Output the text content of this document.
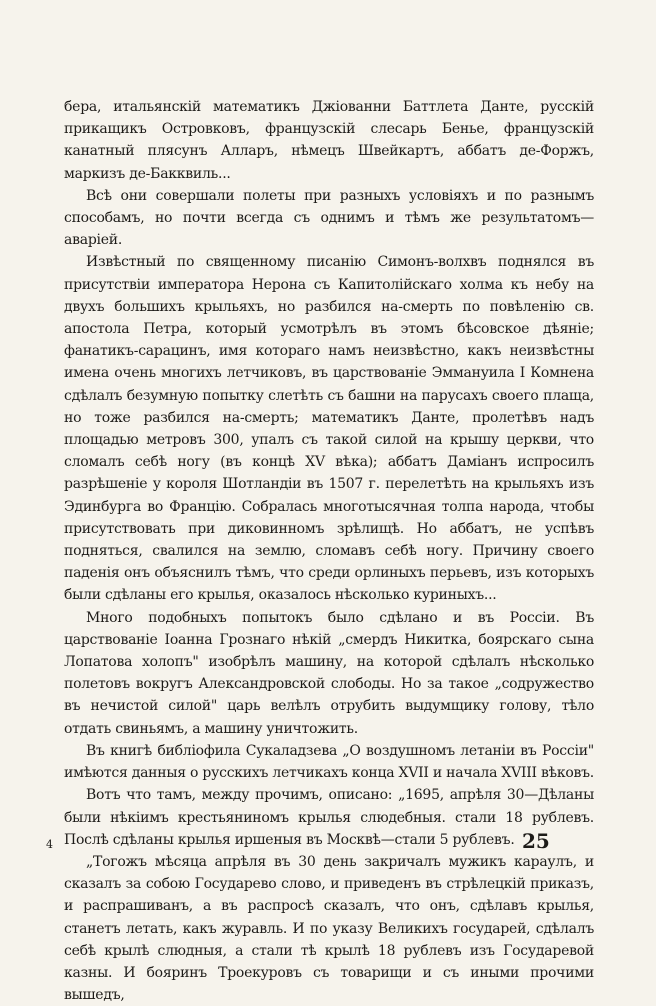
бера, итальянскій математикъ Джіованни Баттлета Данте, русскій прикащикъ Островковъ, французскій слесарь Бенье, французскій канатный плясунъ Алларъ, нѣмецъ Швейкартъ, аббатъ де-Форжъ, маркизъ де-Бакквиль...

Всѣ они совершали полеты при разныхъ условіяхъ и по разнымъ способамъ, но почти всегда съ однимъ и тѣмъ же результатомъ—аваріей.

Извѣстный по священному писанію Симонъ-волхвъ поднялся въ присутствіи императора Нерона съ Капитолійскаго холма къ небу на двухъ большихъ крыльяхъ, но разбился на-смерть по повѣленію св. апостола Петра, который усмотрѣлъ въ этомъ бѣсовское дѣяніе; фанатикъ-сарацинъ, имя котораго намъ неизвѣстно, какъ неизвѣстны имена очень многихъ летчиковъ, въ царствованіе Эммануила I Комнена сдѣлалъ безумную попытку слетѣть съ башни на парусахъ своего плаща, но тоже разбился на-смерть; математикъ Данте, пролетѣвъ надъ площадью метровъ 300, упалъ съ такой силой на крышу церкви, что сломалъ себѣ ногу (въ концѣ XV вѣка); аббатъ Даміанъ испросилъ разрѣшеніе у короля Шотландіи въ 1507 г. перелетѣть на крыльяхъ изъ Эдинбурга во Францію. Собралась многотысячная толпа народа, чтобы присутствовать при диковинномъ зрѣлищѣ. Но аббатъ, не успѣвъ подняться, свалился на землю, сломавъ себѣ ногу. Причину своего паденія онъ объяснилъ тѣмъ, что среди орлиныхъ перьевъ, изъ которыхъ были сдѣланы его крылья, оказалось нѣсколько куриныхъ...

Много подобныхъ попытокъ было сдѣлано и въ Россіи. Въ царствованіе Іоанна Грознаго нѣкій „смердъ Никитка, боярскаго сына Лопатова холопъ" изобрѣлъ машину, на которой сдѣлалъ нѣсколько полетовъ вокругъ Александровской слободы. Но за такое „содружество въ нечистой силой" царь велѣлъ отрубить выдумщику голову, тѣло отдать свиньямъ, а машину уничтожить.

Въ книгѣ библіофила Сукаладзева „О воздушномъ летаніи въ Россіи" имѣются данныя о русскихъ летчикахъ конца XVII и начала XVIII вѣковъ.

Вотъ что тамъ, между прочимъ, описано: „1695, апрѣля 30—Дѣланы были нѣкіимъ крестьяниномъ крылья слюдебныя. стали 18 рублевъ. Послѣ сдѣланы крылья иршеныя въ Москвѣ—стали 5 рублевъ.

„Тогожъ мѣсяца апрѣля въ 30 день закричалъ мужикъ караулъ, и сказалъ за собою Государево слово, и приведенъ въ стрѣлецкій приказъ, и распрашиванъ, а въ распросѣ сказалъ, что онъ, сдѣлавъ крылья, станетъ летать, какъ журавль. И по указу Великихъ государей, сдѣлалъ себѣ крылѣ слюдныя, а стали тѣ крылѣ 18 рублевъ изъ Государевой казны. И бояринъ Троекуровъ съ товарищи и съ иными прочими вышедъ,

4	25
